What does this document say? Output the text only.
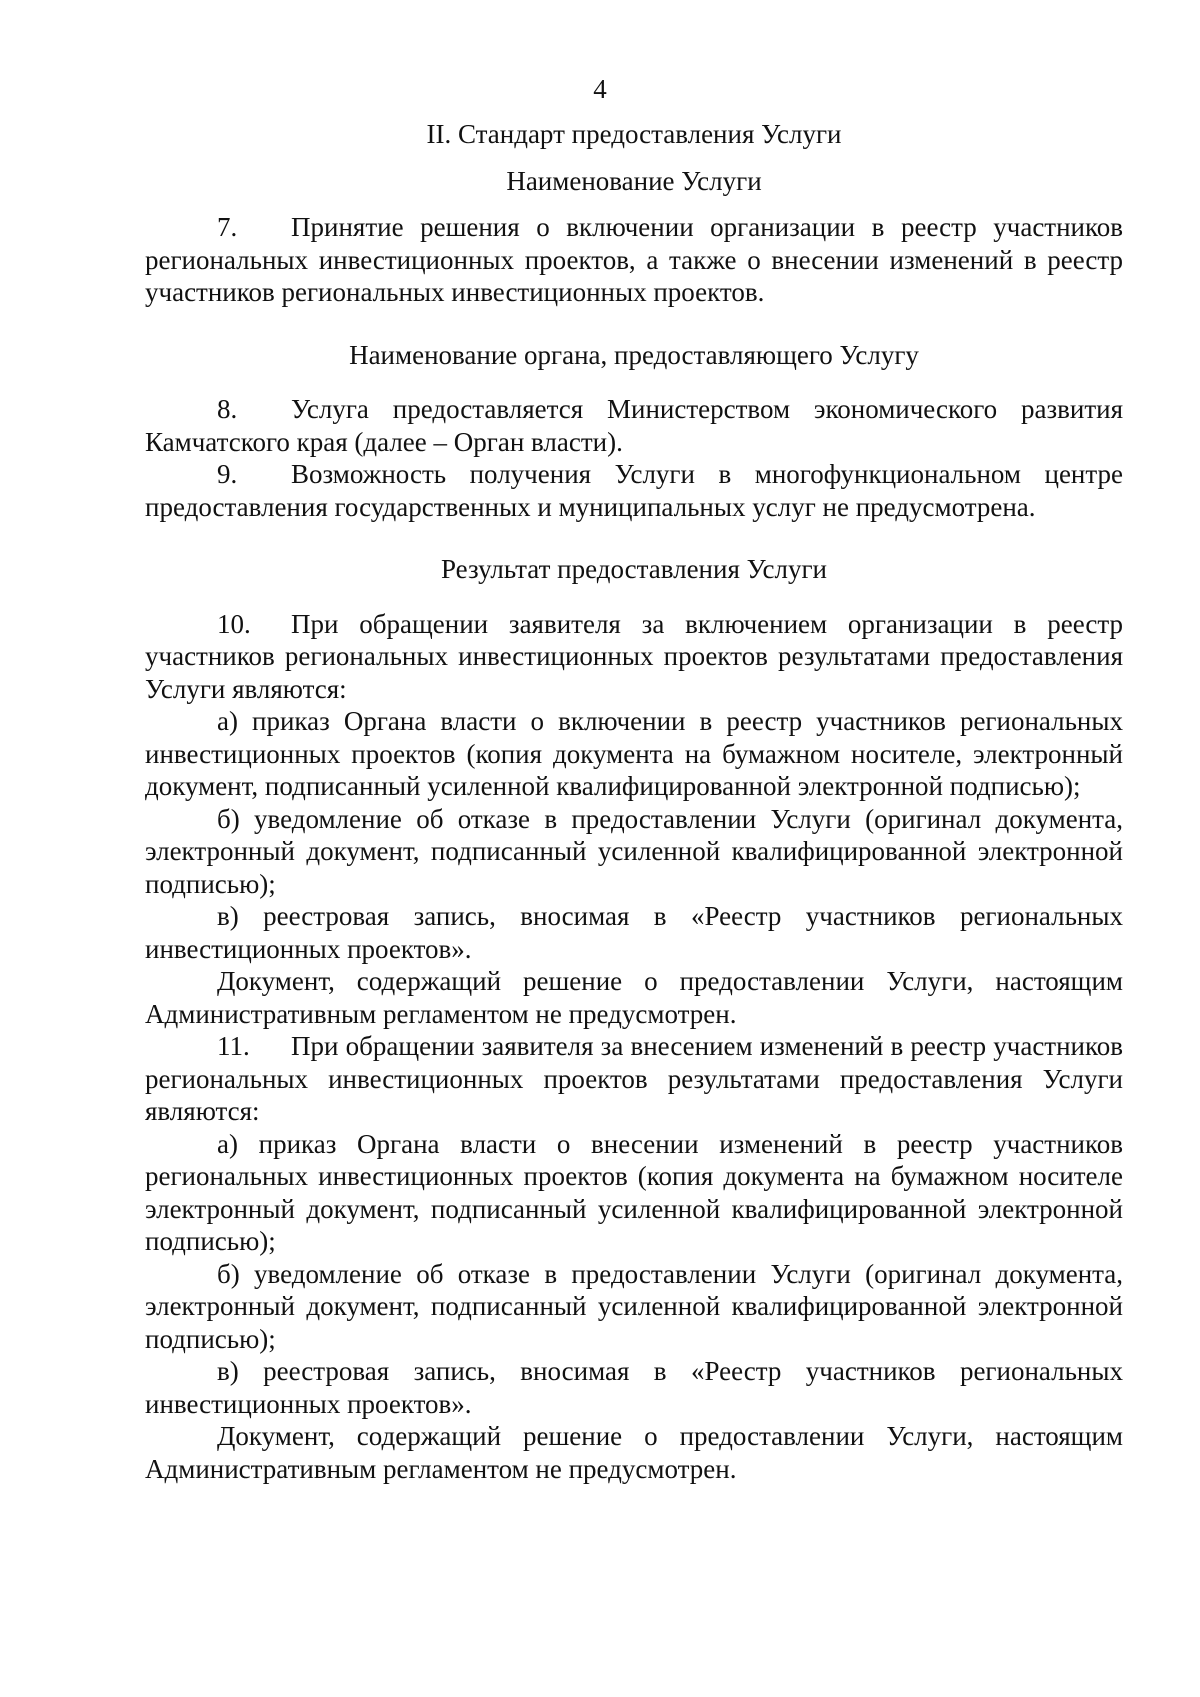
4

II. Стандарт предоставления Услуги

Наименование Услуги

7. Принятие решения о включении организации в реестр участников региональных инвестиционных проектов, а также о внесении изменений в реестр участников региональных инвестиционных проектов.

Наименование органа, предоставляющего Услугу

8. Услуга предоставляется Министерством экономического развития Камчатского края (далее – Орган власти).

9. Возможность получения Услуги в многофункциональном центре предоставления государственных и муниципальных услуг не предусмотрена.

Результат предоставления Услуги

10. При обращении заявителя за включением организации в реестр участников региональных инвестиционных проектов результатами предоставления Услуги являются:

а) приказ Органа власти о включении в реестр участников региональных инвестиционных проектов (копия документа на бумажном носителе, электронный документ, подписанный усиленной квалифицированной электронной подписью);

б) уведомление об отказе в предоставлении Услуги (оригинал документа, электронный документ, подписанный усиленной квалифицированной электронной подписью);

в) реестровая запись, вносимая в «Реестр участников региональных инвестиционных проектов».

Документ, содержащий решение о предоставлении Услуги, настоящим Административным регламентом не предусмотрен.

11. При обращении заявителя за внесением изменений в реестр участников региональных инвестиционных проектов результатами предоставления Услуги являются:

а) приказ Органа власти о внесении изменений в реестр участников региональных инвестиционных проектов (копия документа на бумажном носителе электронный документ, подписанный усиленной квалифицированной электронной подписью);

б) уведомление об отказе в предоставлении Услуги (оригинал документа, электронный документ, подписанный усиленной квалифицированной электронной подписью);

в) реестровая запись, вносимая в «Реестр участников региональных инвестиционных проектов».

Документ, содержащий решение о предоставлении Услуги, настоящим Административным регламентом не предусмотрен.
